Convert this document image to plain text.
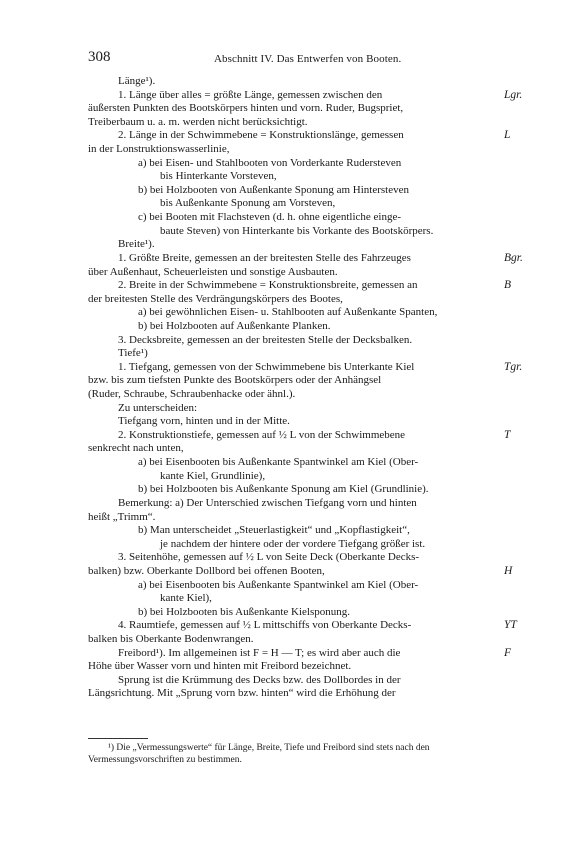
308	Abschnitt IV. Das Entwerfen von Booten.
Länge¹).
1. Länge über alles = größte Länge, gemessen zwischen den	Lgr.
äußersten Punkten des Bootskörpers hinten und vorn. Ruder, Bugspriet,
Treiberbaum u. a. m. werden nicht berücksichtigt.
2. Länge in der Schwimmebene = Konstruktionslänge, gemessen	L
in der Lonstruktionswasserlinie,
a) bei Eisen- und Stahlbooten von Vorderkante Rudersteven
bis Hinterkante Vorsteven,
b) bei Holzbooten von Außenkante Sponung am Hintersteven
bis Außenkante Sponung am Vorsteven,
c) bei Booten mit Flachsteven (d. h. ohne eigentliche einge-
baute Steven) von Hinterkante bis Vorkante des Bootskörpers.
Breite¹).
1. Größte Breite, gemessen an der breitesten Stelle des Fahrzeuges	Bgr.
über Außenhaut, Scheuerleisten und sonstige Ausbauten.
2. Breite in der Schwimmebene = Konstruktionsbreite, gemessen an	B
der breitesten Stelle des Verdrängungskörpers des Bootes,
a) bei gewöhnlichen Eisen- u. Stahlbooten auf Außenkante Spanten,
b) bei Holzbooten auf Außenkante Planken.
3. Decksbreite, gemessen an der breitesten Stelle der Decksbalken.
Tiefe¹)
1. Tiefgang, gemessen von der Schwimmebene bis Unterkante Kiel	Tgr.
bzw. bis zum tiefsten Punkte des Bootskörpers oder der Anhängsel
(Ruder, Schraube, Schraubenhacke oder ähnl.).
Zu unterscheiden:
Tiefgang vorn, hinten und in der Mitte.
2. Konstruktionstiefe, gemessen auf ½ L von der Schwimmebene	T
senkrecht nach unten,
a) bei Eisenbooten bis Außenkante Spantwinkel am Kiel (Ober-
kante Kiel, Grundlinie),
b) bei Holzbooten bis Außenkante Sponung am Kiel (Grundlinie).
Bemerkung: a) Der Unterschied zwischen Tiefgang vorn und hinten
heißt „Trimm“.
b) Man unterscheidet „Steuerlastigkeit“ und „Kopflastigkeit“,
je nachdem der hintere oder der vordere Tiefgang größer ist.
3. Seitenhöhe, gemessen auf ½ L von Seite Deck (Oberkante Decks-
balken) bzw. Oberkante Dollbord bei offenen Booten,	H
a) bei Eisenbooten bis Außenkante Spantwinkel am Kiel (Ober-
kante Kiel),
b) bei Holzbooten bis Außenkante Kielsponung.
4. Raumtiefe, gemessen auf ½ L mittschiffs von Oberkante Decks-	YT
balken bis Oberkante Bodenwrangen.
Freibord¹). Im allgemeinen ist F = H — T; es wird aber auch die	F
Höhe über Wasser vorn und hinten mit Freibord bezeichnet.
Sprung ist die Krümmung des Decks bzw. des Dollbordes in der
Längsrichtung. Mit „Sprung vorn bzw. hinten“ wird die Erhöhung der
¹) Die „Vermessungswerte“ für Länge, Breite, Tiefe und Freibord sind stets nach den
Vermessungsvorschriften zu bestimmen.
